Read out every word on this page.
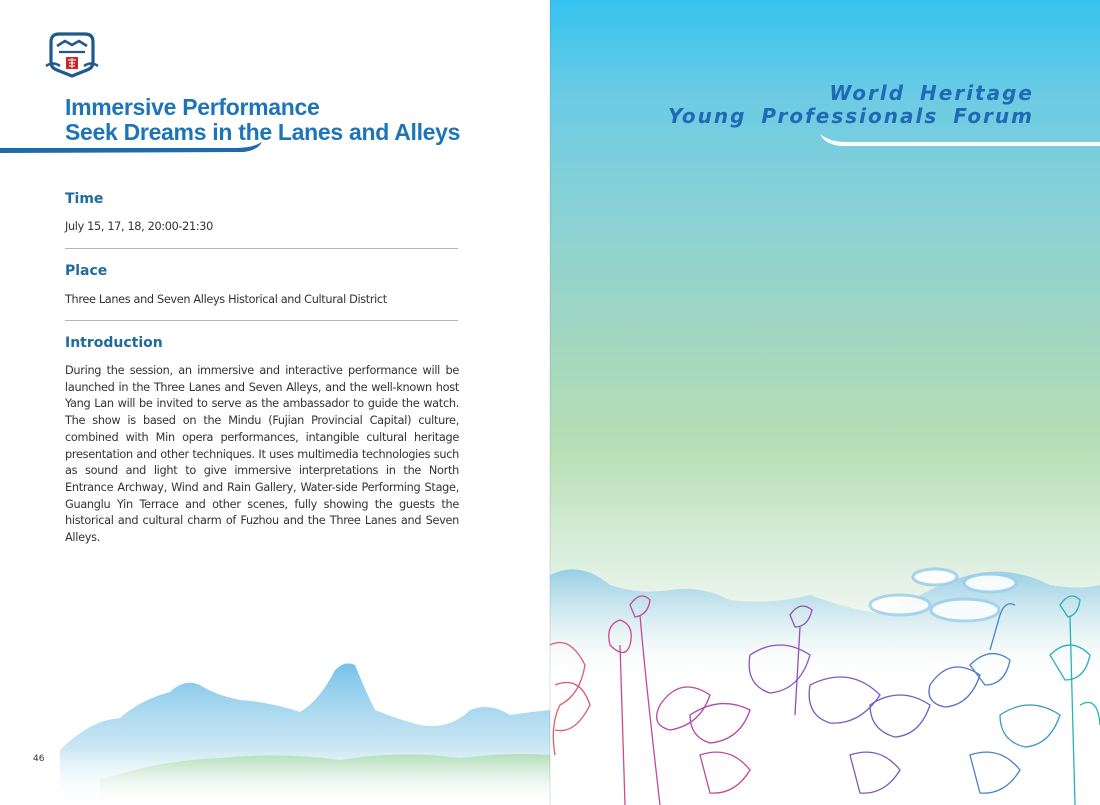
Immersive Performance
Seek Dreams in the Lanes and Alleys
Time

July 15, 17, 18, 20:00-21:30

Place

Three Lanes and Seven Alleys Historical and Cultural District

Introduction

During the session, an immersive and interactive performance will be launched in the Three Lanes and Seven Alleys, and the well-known host Yang Lan will be invited to serve as the ambassador to guide the watch. The show is based on the Mindu (Fujian Provincial Capital) culture, combined with Min opera performances, intangible cultural heritage presentation and other techniques. It uses multimedia technologies such as sound and light to give immersive interpretations in the North Entrance Archway, Wind and Rain Gallery, Water-side Performing Stage, Guanglu Yin Terrace and other scenes, fully showing the guests the historical and cultural charm of Fuzhou and the Three Lanes and Seven Alleys.

46
World Heritage
Young Professionals Forum
